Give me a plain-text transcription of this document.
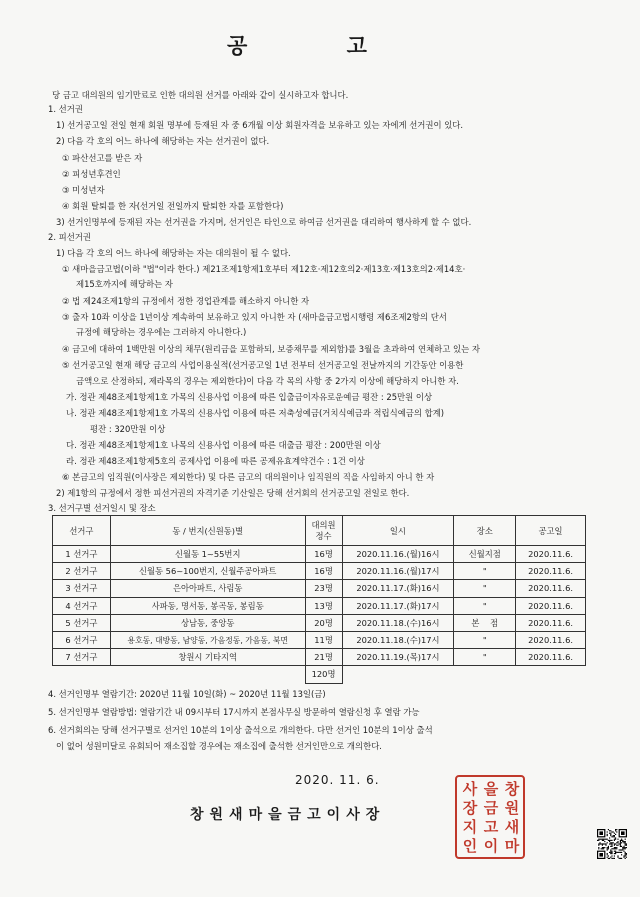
공 고
당 금고 대의원의 임기만료로 인한 대의원 선거를 아래와 같이 실시하고자 합니다.
1. 선거권
1) 선거공고일 전일 현재 회원 명부에 등재된 자 중 6개월 이상 회원자격을 보유하고 있는 자에게 선거권이 있다.
2) 다음 각 호의 어느 하나에 해당하는 자는 선거권이 없다.
① 파산선고를 받은 자
② 피성년후견인
③ 미성년자
④ 회원 탈퇴를 한 자(선거일 전일까지 탈퇴한 자를 포함한다)
3) 선거인명부에 등재된 자는 선거권을 가지며, 선거인은 타인으로 하여금 선거권을 대리하여 행사하게 할 수 없다.
2. 피선거권
1) 다음 각 호의 어느 하나에 해당하는 자는 대의원이 될 수 없다.
① 새마을금고법(이하 "법"이라 한다.) 제21조제1항제1호부터 제12호·제12호의2·제13호·제13호의2·제14호·
제15호까지에 해당하는 자
② 법 제24조제1항의 규정에서 정한 경업관계를 해소하지 아니한 자
③ 출자 10좌 이상을 1년이상 계속하여 보유하고 있지 아니한 자 (새마을금고법시행령 제6조제2항의 단서
규정에 해당하는 경우에는 그러하지 아니한다.)
④ 금고에 대하여 1백만원 이상의 채무(원리금을 포함하되, 보증채무를 제외함)를 3월을 초과하여 연체하고 있는 자
⑤ 선거공고일 현재 해당 금고의 사업이용실적(선거공고일 1년 전부터 선거공고일 전날까지의 기간동안 이용한
금액으로 산정하되, 제라목의 경우는 제외한다)이 다음 각 목의 사항 중 2가지 이상에 해당하지 아니한 자.
가. 정관 제48조제1항제1호 가목의 신용사업 이용에 따른 입출금이자유로운예금 평잔 : 25만원 이상
나. 정관 제48조제1항제1호 가목의 신용사업 이용에 따른 저축성예금(거치식예금과 적립식예금의 합계)
평잔 : 320만원 이상
다. 정관 제48조제1항제1호 나목의 신용사업 이용에 따른 대출금 평잔 : 200만원 이상
라. 정관 제48조제1항제5호의 공제사업 이용에 따른 공제유효계약건수 : 1건 이상
⑥ 본금고의 임직원(이사장은 제외한다) 및 다른 금고의 대의원이나 임직원의 직을 사임하지 아니 한 자
2) 제1항의 규정에서 정한 피선거권의 자격기준 기산일은 당해 선거회의 선거공고일 전일로 한다.
3. 선거구별 선거일시 및 장소
선거구	동 / 번지(신원동)별	대의원
정수	일시	장소	공고일
1 선거구	신월동 1~55번지	16명	2020.11.16.(월)16시	신월지점	2020.11.6.
2 선거구	신월동 56~100번지, 신월주공아파트	16명	2020.11.16.(월)17시	"	2020.11.6.
3 선거구	은아아파트, 사림동	23명	2020.11.17.(화)16시	"	2020.11.6.
4 선거구	사파동, 명서동, 봉곡동, 봉림동	13명	2020.11.17.(화)17시	"	2020.11.6.
5 선거구	상남동, 중앙동	20명	2020.11.18.(수)16시	본    점	2020.11.6.
6 선거구	용호동, 대방동, 남양동, 가음정동, 가음동, 북면	11명	2020.11.18.(수)17시	"	2020.11.6.
7 선거구	창원시 기타지역	21명	2020.11.19.(목)17시	"	2020.11.6.
		120명			
4. 선거인명부 열람기간: 2020년 11월 10일(화) ~ 2020년 11월 13일(금)
5. 선거인명부 열람방법: 열람기간 내 09시부터 17시까지 본점사무실 방문하여 열람신청 후 열람 가능
6. 선거회의는 당해 선거구별로 선거인 10분의 1이상 출석으로 개의한다. 다만 선거인 10분의 1이상 출석
이 없어 성원미달로 유회되어 재소집할 경우에는 재소집에 출석한 선거인만으로 개의한다.
2020. 11. 6.
창원새마을금고이사장
창
원
새
마
을
금
고
이
사
장
지
인
